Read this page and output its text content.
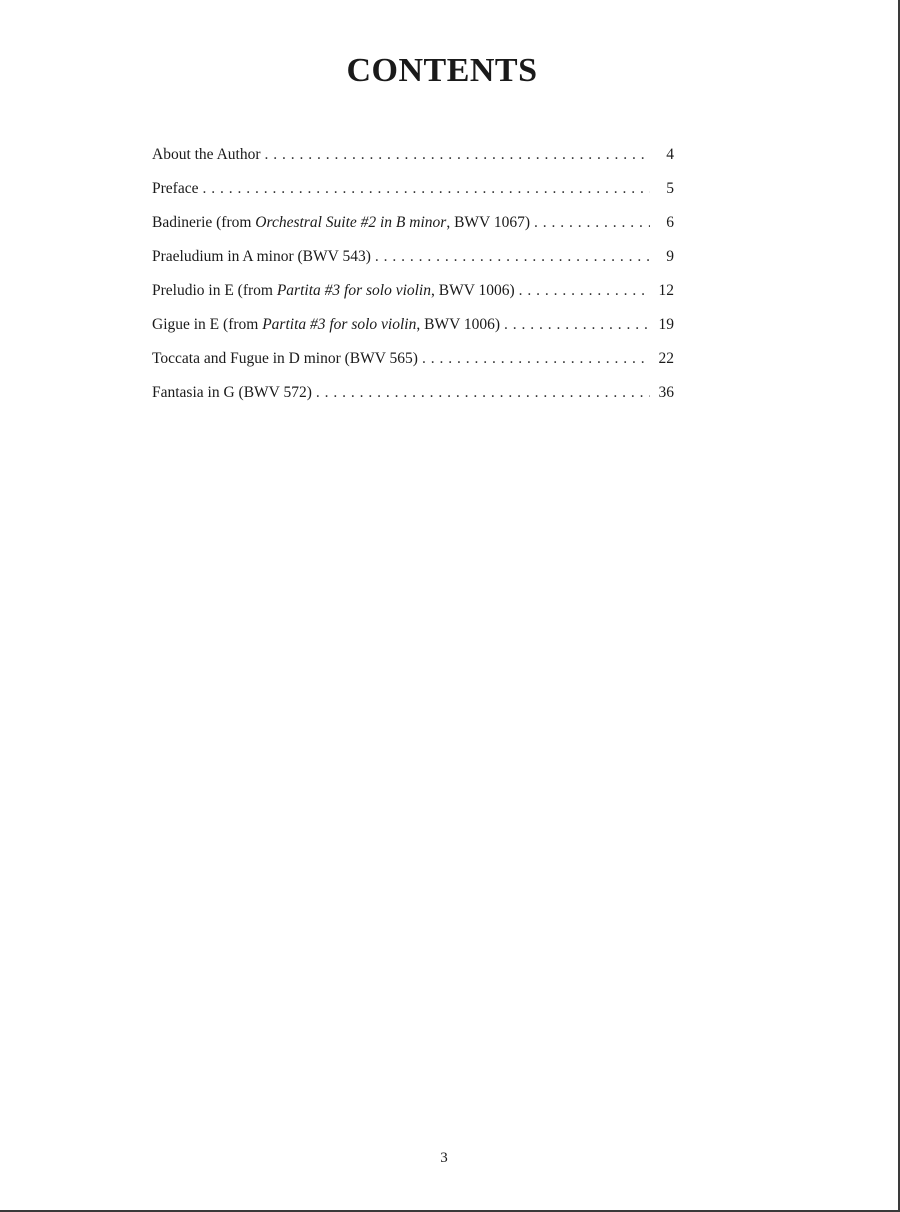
CONTENTS
About the Author . . .	4
Preface . . .	5
Badinerie (from Orchestral Suite #2 in B minor, BWV 1067) . . .	6
Praeludium in A minor (BWV 543) . . .	9
Preludio in E (from Partita #3 for solo violin, BWV 1006) . . .	12
Gigue in E (from Partita #3 for solo violin, BWV 1006) . . .	19
Toccata and Fugue in D minor (BWV 565) . . .	22
Fantasia in G (BWV 572) . . .	36
3
